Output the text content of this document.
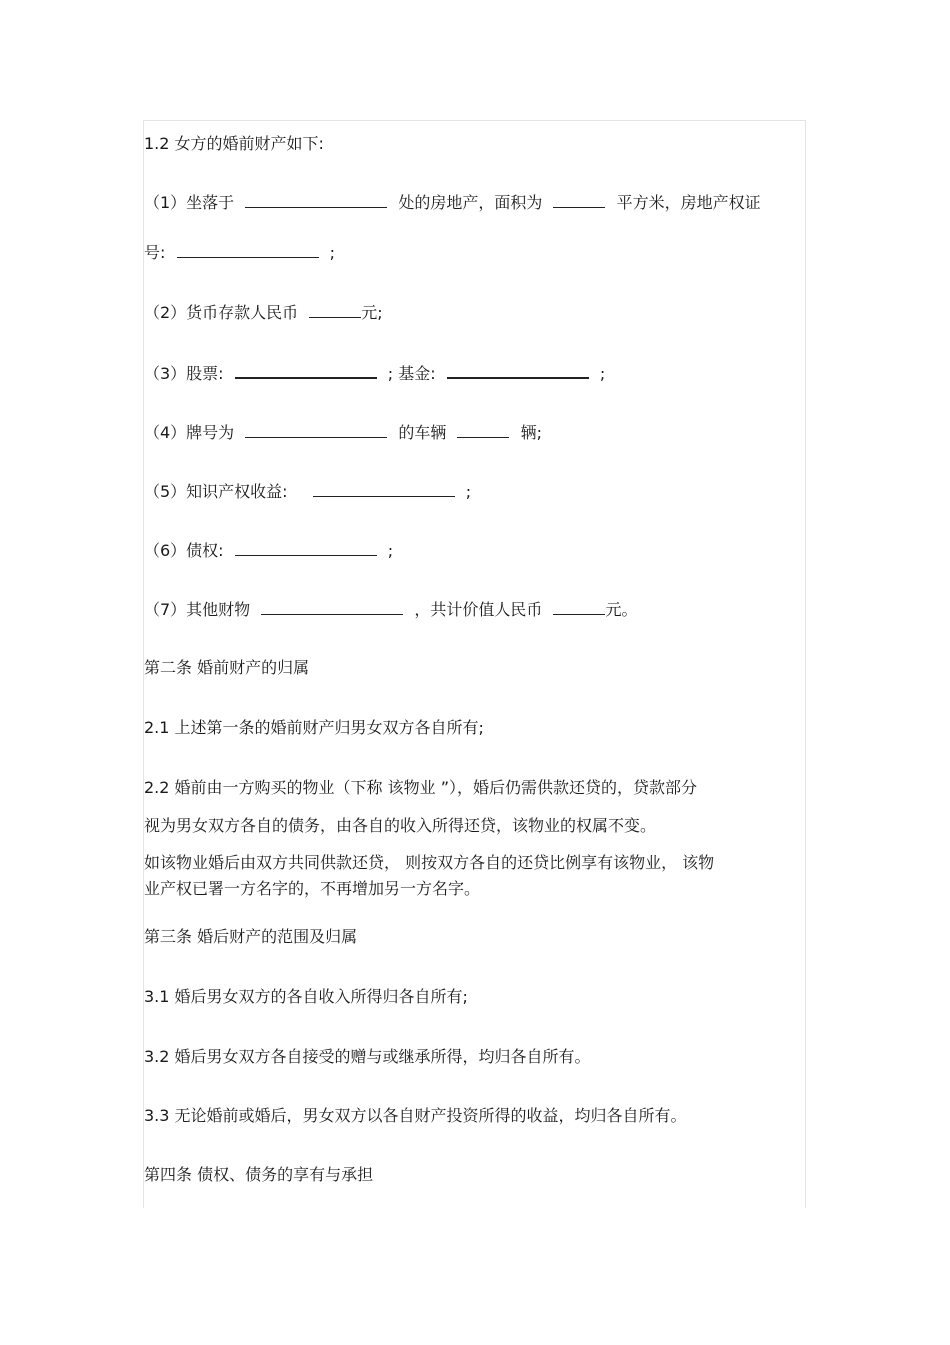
1.2 女方的婚前财产如下:
（1）坐落于	处的房地产，面积为	平方米，房地产权证
号:	;
（2）货币存款人民币	元;
（3）股票:	; 基金:	;
（4）牌号为	的车辆	辆;
（5）知识产权收益:	;
（6）债权:	;
（7）其他财物	，共计价值人民币	元。
第二条 婚前财产的归属
2.1 上述第一条的婚前财产归男女双方各自所有;
2.2 婚前由一方购买的物业（下称 该物业 ”），婚后仍需供款还贷的，贷款部分
视为男女双方各自的债务，由各自的收入所得还贷，该物业的权属不变。
如该物业婚后由双方共同供款还贷， 则按双方各自的还贷比例享有该物业， 该物
业产权已署一方名字的，不再增加另一方名字。
第三条 婚后财产的范围及归属
3.1 婚后男女双方的各自收入所得归各自所有;
3.2 婚后男女双方各自接受的赠与或继承所得，均归各自所有。
3.3 无论婚前或婚后，男女双方以各自财产投资所得的收益，均归各自所有。
第四条 债权、债务的享有与承担
